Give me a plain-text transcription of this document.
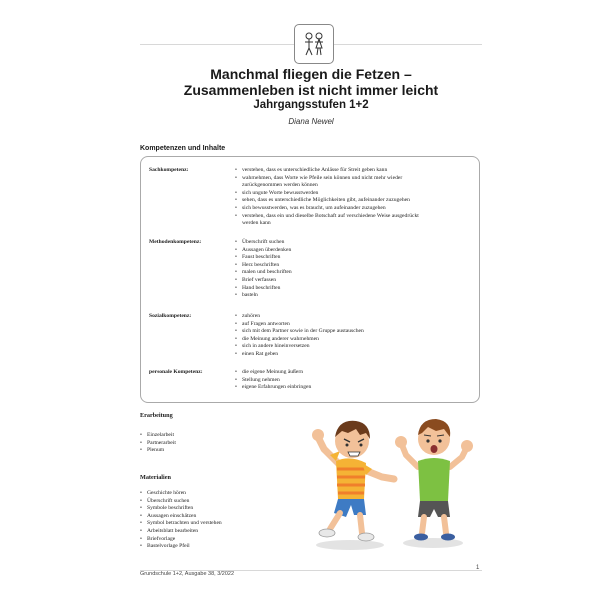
Manchmal fliegen die Fetzen –
Zusammenleben ist nicht immer leicht
Jahrgangsstufen 1+2
Diana Newel
Kompetenzen und Inhalte
Sachkompetenz:	• verstehen, dass es unterschiedliche Anlässe für Streit geben kann
• wahrnehmen, dass Worte wie Pfeile sein können und nicht mehr wieder
zurückgenommen werden können
• sich ungute Worte bewusstwerden
• sehen, dass es unterschiedliche Möglichkeiten gibt, aufeinander zuzugehen
• sich bewusstwerden, was es braucht, um aufeinander zuzugehen
• verstehen, dass ein und dieselbe Botschaft auf verschiedene Weise ausgedrückt
werden kann
Methodenkompetenz:	• Überschrift suchen
• Aussagen überdenken
• Faust beschriften
• Herz beschriften
• malen und beschriften
• Brief verfassen
• Hand beschriften
• basteln
Sozialkompetenz:	• zuhören
• auf Fragen antworten
• sich mit dem Partner sowie in der Gruppe austauschen
• die Meinung anderer wahrnehmen
• sich in andere hineinversetzen
• einen Rat geben
personale Kompetenz:	• die eigene Meinung äußern
• Stellung nehmen
• eigene Erfahrungen einbringen
Erarbeitung
• Einzelarbeit
• Partnerarbeit
• Plenum
Materialien
• Geschichte hören
• Überschrift suchen
• Symbole beschriften
• Aussagen einschätzen
• Symbol betrachten und verstehen
• Arbeitsblatt bearbeiten
• Briefvorlage
• Bastelvorlage Pfeil
Grundschule 1+2, Ausgabe 38, 3/2022
1
